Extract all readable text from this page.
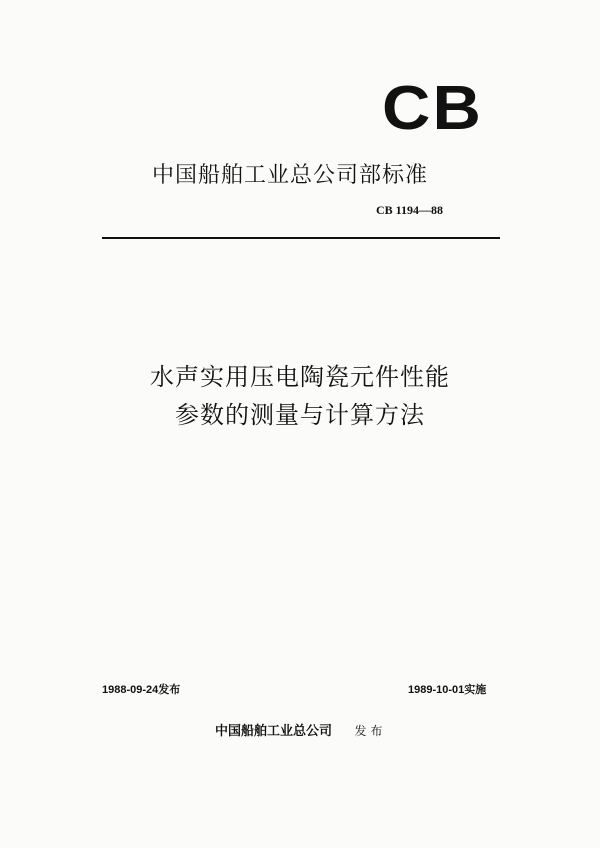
CB
中国船舶工业总公司部标准
CB 1194—88
水声实用压电陶瓷元件性能
参数的测量与计算方法
1988-09-24发布	1989-10-01实施
中国船舶工业总公司 发 布
